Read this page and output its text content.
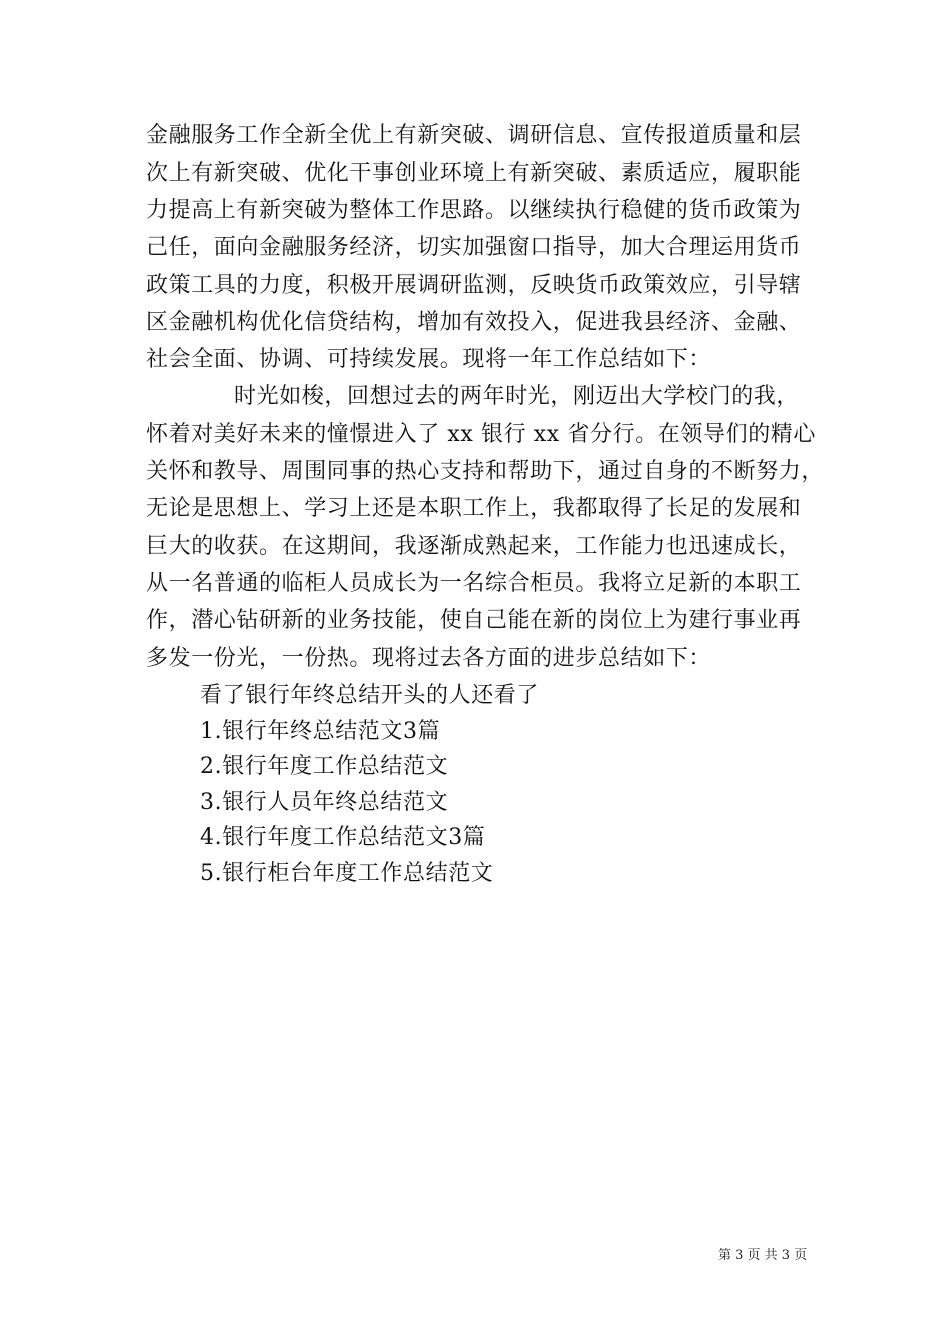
金融服务工作全新全优上有新突破、调研信息、宣传报道质量和层
次上有新突破、优化干事创业环境上有新突破、素质适应，履职能
力提高上有新突破为整体工作思路。以继续执行稳健的货币政策为
己任，面向金融服务经济，切实加强窗口指导，加大合理运用货币
政策工具的力度，积极开展调研监测，反映货币政策效应，引导辖
区金融机构优化信贷结构，增加有效投入，促进我县经济、金融、
社会全面、协调、可持续发展。现将一年工作总结如下：
时光如梭，回想过去的两年时光，刚迈出大学校门的我，
怀着对美好未来的憧憬进入了 xx 银行 xx 省分行。在领导们的精心
关怀和教导、周围同事的热心支持和帮助下，通过自身的不断努力，
无论是思想上、学习上还是本职工作上，我都取得了长足的发展和
巨大的收获。在这期间，我逐渐成熟起来，工作能力也迅速成长，
从一名普通的临柜人员成长为一名综合柜员。我将立足新的本职工
作，潜心钻研新的业务技能，使自己能在新的岗位上为建行事业再
多发一份光，一份热。现将过去各方面的进步总结如下：
看了银行年终总结开头的人还看了
1.银行年终总结范文3篇
2.银行年度工作总结范文
3.银行人员年终总结范文
4.银行年度工作总结范文3篇
5.银行柜台年度工作总结范文
第 3 页 共 3 页
